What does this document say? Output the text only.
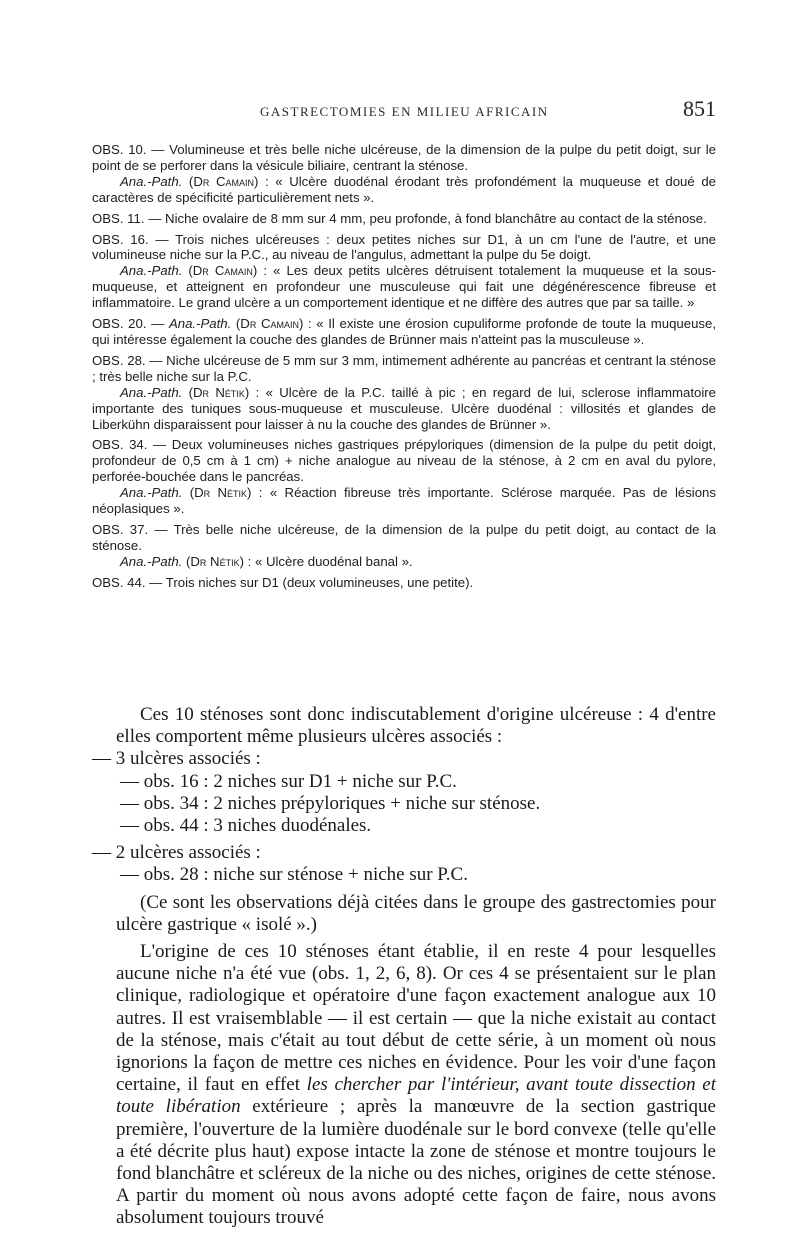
GASTRECTOMIES EN MILIEU AFRICAIN	851

OBS. 10. — Volumineuse et très belle niche ulcéreuse, de la dimension de la pulpe du petit doigt, sur le point de se perforer dans la vésicule biliaire, centrant la sténose.

Ana.-Path. (Dr Camain) : « Ulcère duodénal érodant très profondément la muqueuse et doué de caractères de spécificité particulièrement nets ».

OBS. 11. — Niche ovalaire de 8 mm sur 4 mm, peu profonde, à fond blanchâtre au contact de la sténose.

OBS. 16. — Trois niches ulcéreuses : deux petites niches sur D1, à un cm l'une de l'autre, et une volumineuse niche sur la P.C., au niveau de l'angulus, admettant la pulpe du 5e doigt.

Ana.-Path. (Dr Camain) : « Les deux petits ulcères détruisent totalement la muqueuse et la sous-muqueuse, et atteignent en profondeur une musculeuse qui fait une dégénérescence fibreuse et inflammatoire. Le grand ulcère a un comportement identique et ne diffère des autres que par sa taille. »

OBS. 20. — Ana.-Path. (Dr Camain) : « Il existe une érosion cupuliforme profonde de toute la muqueuse, qui intéresse également la couche des glandes de Brünner mais n'atteint pas la musculeuse ».

OBS. 28. — Niche ulcéreuse de 5 mm sur 3 mm, intimement adhérente au pancréas et centrant la sténose ; très belle niche sur la P.C.

Ana.-Path. (Dr Nétik) : « Ulcère de la P.C. taillé à pic ; en regard de lui, sclerose inflammatoire importante des tuniques sous-muqueuse et musculeuse. Ulcère duodénal : villosités et glandes de Liberkühn disparaissent pour laisser à nu la couche des glandes de Brünner ».

OBS. 34. — Deux volumineuses niches gastriques prépyloriques (dimension de la pulpe du petit doigt, profondeur de 0,5 cm à 1 cm) + niche analogue au niveau de la sténose, à 2 cm en aval du pylore, perforée-bouchée dans le pancréas.

Ana.-Path. (Dr Nétik) : « Réaction fibreuse très importante. Sclérose marquée. Pas de lésions néoplasiques ».

OBS. 37. — Très belle niche ulcéreuse, de la dimension de la pulpe du petit doigt, au contact de la sténose.

Ana.-Path. (Dr Nétik) : « Ulcère duodénal banal ».

OBS. 44. — Trois niches sur D1 (deux volumineuses, une petite).

Ces 10 sténoses sont donc indiscutablement d'origine ulcéreuse : 4 d'entre elles comportent même plusieurs ulcères associés :

— 3 ulcères associés :

— obs. 16 : 2 niches sur D1 + niche sur P.C.

— obs. 34 : 2 niches prépyloriques + niche sur sténose.

— obs. 44 : 3 niches duodénales.

— 2 ulcères associés :

— obs. 28 : niche sur sténose + niche sur P.C.

(Ce sont les observations déjà citées dans le groupe des gastrectomies pour ulcère gastrique « isolé ».)

L'origine de ces 10 sténoses étant établie, il en reste 4 pour lesquelles aucune niche n'a été vue (obs. 1, 2, 6, 8). Or ces 4 se présentaient sur le plan clinique, radiologique et opératoire d'une façon exactement analogue aux 10 autres. Il est vraisemblable — il est certain — que la niche existait au contact de la sténose, mais c'était au tout début de cette série, à un moment où nous ignorions la façon de mettre ces niches en évidence. Pour les voir d'une façon certaine, il faut en effet les chercher par l'intérieur, avant toute dissection et toute libération extérieure ; après la manœuvre de la section gastrique première, l'ouverture de la lumière duodénale sur le bord convexe (telle qu'elle a été décrite plus haut) expose intacte la zone de sténose et montre toujours le fond blanchâtre et scléreux de la niche ou des niches, origines de cette sténose. A partir du moment où nous avons adopté cette façon de faire, nous avons absolument toujours trouvé
